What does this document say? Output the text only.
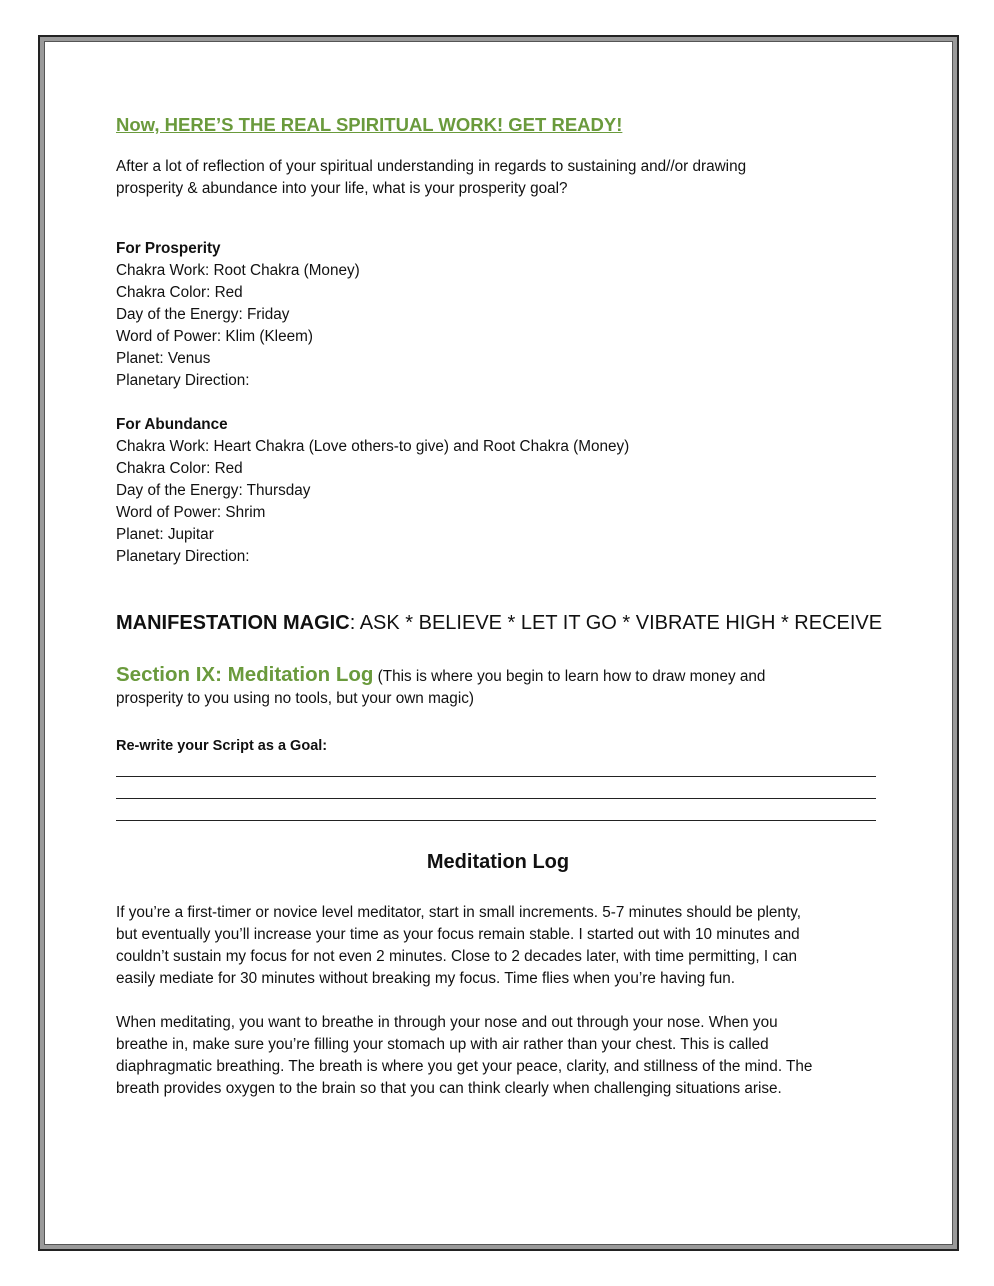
Now, HERE’S THE REAL SPIRITUAL WORK! GET READY!
After a lot of reflection of your spiritual understanding in regards to sustaining and//or drawing
prosperity & abundance into your life, what is your prosperity goal?
For Prosperity
Chakra Work: Root Chakra (Money)
Chakra Color: Red
Day of the Energy: Friday
Word of Power: Klim (Kleem)
Planet: Venus
Planetary Direction:
For Abundance
Chakra Work: Heart Chakra (Love others-to give) and Root Chakra (Money)
Chakra Color: Red
Day of the Energy: Thursday
Word of Power: Shrim
Planet: Jupitar
Planetary Direction:
MANIFESTATION MAGIC: ASK * BELIEVE * LET IT GO * VIBRATE HIGH * RECEIVE
Section IX: Meditation Log (This is where you begin to learn how to draw money and
prosperity to you using no tools, but your own magic)
Re-write your Script as a Goal:
Meditation Log
If you’re a first-timer or novice level meditator, start in small increments. 5-7 minutes should be plenty,
but eventually you’ll increase your time as your focus remain stable. I started out with 10 minutes and
couldn’t sustain my focus for not even 2 minutes. Close to 2 decades later, with time permitting, I can
easily mediate for 30 minutes without breaking my focus. Time flies when you’re having fun.
When meditating, you want to breathe in through your nose and out through your nose. When you
breathe in, make sure you’re filling your stomach up with air rather than your chest. This is called
diaphragmatic breathing. The breath is where you get your peace, clarity, and stillness of the mind. The
breath provides oxygen to the brain so that you can think clearly when challenging situations arise.
